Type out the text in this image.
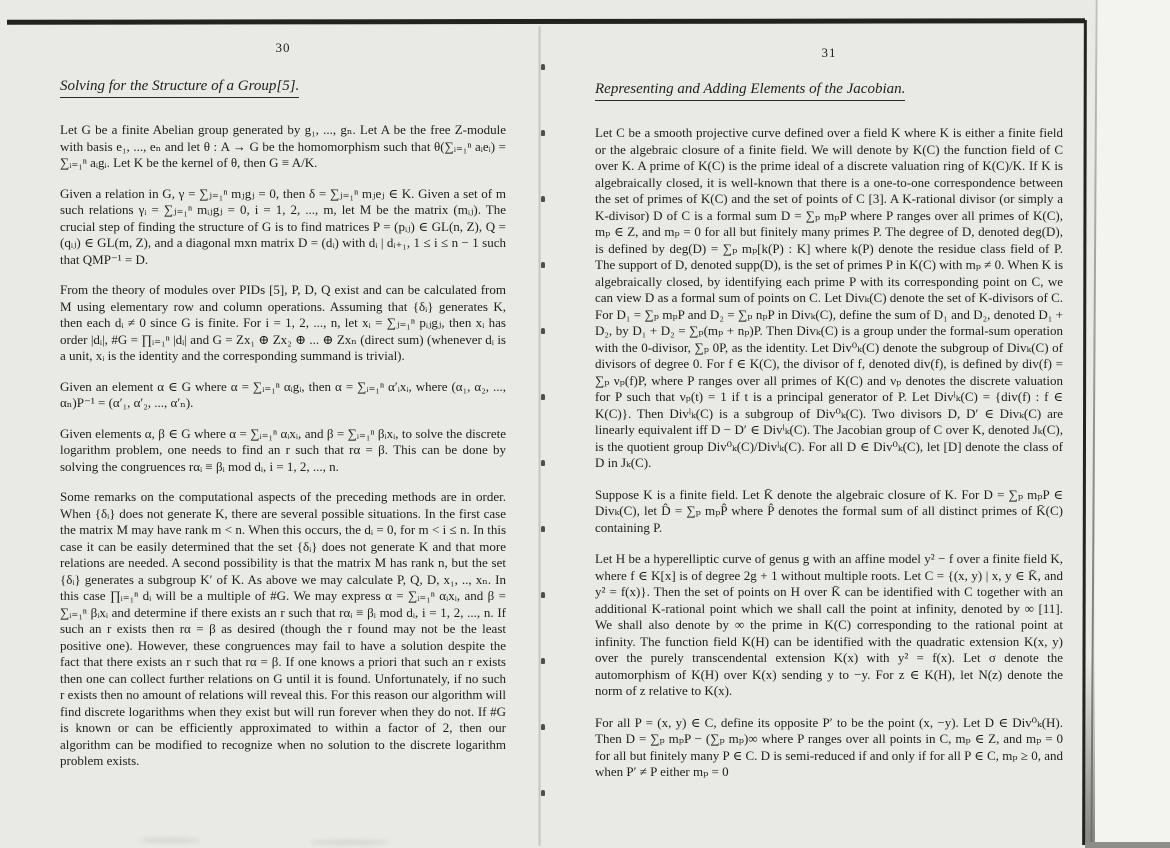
30
Solving for the Structure of a Group[5].

Let G be a finite Abelian group generated by g₁, ..., gₙ. Let A be the free Z-module with basis e₁, ..., eₙ and let θ : A → G be the homomorphism such that θ(∑ᵢ₌₁ⁿ aᵢeᵢ) = ∑ᵢ₌₁ⁿ aᵢgᵢ. Let K be the kernel of θ, then G ≡ A/K.

Given a relation in G, γ = ∑ⱼ₌₁ⁿ mⱼgⱼ = 0, then δ = ∑ⱼ₌₁ⁿ mⱼeⱼ ∈ K. Given a set of m such relations γᵢ = ∑ⱼ₌₁ⁿ mᵢⱼgⱼ = 0, i = 1, 2, ..., m, let M be the matrix (mᵢⱼ). The crucial step of finding the structure of G is to find matrices P = (pᵢⱼ) ∈ GL(n, Z), Q = (qᵢⱼ) ∈ GL(m, Z), and a diagonal mxn matrix D = (dᵢ) with dᵢ | dᵢ₊₁, 1 ≤ i ≤ n − 1 such that QMP⁻¹ = D.

From the theory of modules over PIDs [5], P, D, Q exist and can be calculated from M using elementary row and column operations. Assuming that {δᵢ} generates K, then each dᵢ ≠ 0 since G is finite. For i = 1, 2, ..., n, let xᵢ = ∑ⱼ₌₁ⁿ pᵢⱼgⱼ, then xᵢ has order |dᵢ|, #G = ∏ᵢ₌₁ⁿ |dᵢ| and G = Zx₁ ⊕ Zx₂ ⊕ ... ⊕ Zxₙ (direct sum) (whenever dᵢ is a unit, xᵢ is the identity and the corresponding summand is trivial).

Given an element α ∈ G where α = ∑ᵢ₌₁ⁿ αᵢgᵢ, then α = ∑ᵢ₌₁ⁿ α′ᵢxᵢ, where (α₁, α₂, ..., αₙ)P⁻¹ = (α′₁, α′₂, ..., α′ₙ).

Given elements α, β ∈ G where α = ∑ᵢ₌₁ⁿ αᵢxᵢ, and β = ∑ᵢ₌₁ⁿ βᵢxᵢ, to solve the discrete logarithm problem, one needs to find an r such that rα = β. This can be done by solving the congruences rαᵢ ≡ βᵢ mod dᵢ, i = 1, 2, ..., n.

Some remarks on the computational aspects of the preceding methods are in order. When {δᵢ} does not generate K, there are several possible situations. In the first case the matrix M may have rank m < n. When this occurs, the dᵢ = 0, for m < i ≤ n. In this case it can be easily determined that the set {δᵢ} does not generate K and that more relations are needed. A second possibility is that the matrix M has rank n, but the set {δᵢ} generates a subgroup K′ of K. As above we may calculate P, Q, D, x₁, .., xₙ. In this case ∏ᵢ₌₁ⁿ dᵢ will be a multiple of #G. We may express α = ∑ᵢ₌₁ⁿ αᵢxᵢ, and β = ∑ᵢ₌₁ⁿ βᵢxᵢ and determine if there exists an r such that rαᵢ ≡ βᵢ mod dᵢ, i = 1, 2, ..., n. If such an r exists then rα = β as desired (though the r found may not be the least positive one). However, these congruences may fail to have a solution despite the fact that there exists an r such that rα = β. If one knows a priori that such an r exists then one can collect further relations on G until it is found. Unfortunately, if no such r exists then no amount of relations will reveal this. For this reason our algorithm will find discrete logarithms when they exist but will run forever when they do not. If #G is known or can be efficiently approximated to within a factor of 2, then our algorithm can be modified to recognize when no solution to the discrete logarithm problem exists.

31
Representing and Adding Elements of the Jacobian.

Let C be a smooth projective curve defined over a field K where K is either a finite field or the algebraic closure of a finite field. We will denote by K(C) the function field of C over K. A prime of K(C) is the prime ideal of a discrete valuation ring of K(C)/K. If K is algebraically closed, it is well-known that there is a one-to-one correspondence between the set of primes of K(C) and the set of points of C [3]. A K-rational divisor (or simply a K-divisor) D of C is a formal sum D = ∑ₚ mₚP where P ranges over all primes of K(C), mₚ ∈ Z, and mₚ = 0 for all but finitely many primes P. The degree of D, denoted deg(D), is defined by deg(D) = ∑ₚ mₚ[k(P) : K] where k(P) denote the residue class field of P. The support of D, denoted supp(D), is the set of primes P in K(C) with mₚ ≠ 0. When K is algebraically closed, by identifying each prime P with its corresponding point on C, we can view D as a formal sum of points on C. Let Divₖ(C) denote the set of K-divisors of C. For D₁ = ∑ₚ mₚP and D₂ = ∑ₚ nₚP in Divₖ(C), define the sum of D₁ and D₂, denoted D₁ + D₂, by D₁ + D₂ = ∑ₚ(mₚ + nₚ)P. Then Divₖ(C) is a group under the formal-sum operation with the 0-divisor, ∑ₚ 0P, as the identity. Let Div⁰ₖ(C) denote the subgroup of Divₖ(C) of divisors of degree 0. For f ∈ K(C), the divisor of f, denoted div(f), is defined by div(f) = ∑ₚ νₚ(f)P, where P ranges over all primes of K(C) and νₚ denotes the discrete valuation for P such that νₚ(t) = 1 if t is a principal generator of P. Let Divˡₖ(C) = {div(f) : f ∈ K(C)}. Then Divˡₖ(C) is a subgroup of Div⁰ₖ(C). Two divisors D, D′ ∈ Divₖ(C) are linearly equivalent iff D − D′ ∈ Divˡₖ(C). The Jacobian group of C over K, denoted Jₖ(C), is the quotient group Div⁰ₖ(C)/Divˡₖ(C). For all D ∈ Div⁰ₖ(C), let [D] denote the class of D in Jₖ(C).

Suppose K is a finite field. Let K̄ denote the algebraic closure of K. For D = ∑ₚ mₚP ∈ Divₖ(C), let D̂ = ∑ₚ mₚP̂ where P̂ denotes the formal sum of all distinct primes of K̄(C) containing P.

Let H be a hyperelliptic curve of genus g with an affine model y² − f over a finite field K, where f ∈ K[x] is of degree 2g + 1 without multiple roots. Let C = {(x, y) | x, y ∈ K̄, and y² = f(x)}. Then the set of points on H over K̄ can be identified with C together with an additional K-rational point which we shall call the point at infinity, denoted by ∞ [11]. We shall also denote by ∞ the prime in K(C) corresponding to the rational point at infinity. The function field K(H) can be identified with the quadratic extension K(x, y) over the purely transcendental extension K(x) with y² = f(x). Let σ denote the automorphism of K(H) over K(x) sending y to −y. For z ∈ K(H), let N(z) denote the norm of z relative to K(x).

For all P = (x, y) ∈ C, define its opposite P′ to be the point (x, −y). Let D ∈ Div⁰ₖ(H). Then D = ∑ₚ mₚP − (∑ₚ mₚ)∞ where P ranges over all points in C, mₚ ∈ Z, and mₚ = 0 for all but finitely many P ∈ C. D is semi-reduced if and only if for all P ∈ C, mₚ ≥ 0, and when P′ ≠ P either mₚ = 0
